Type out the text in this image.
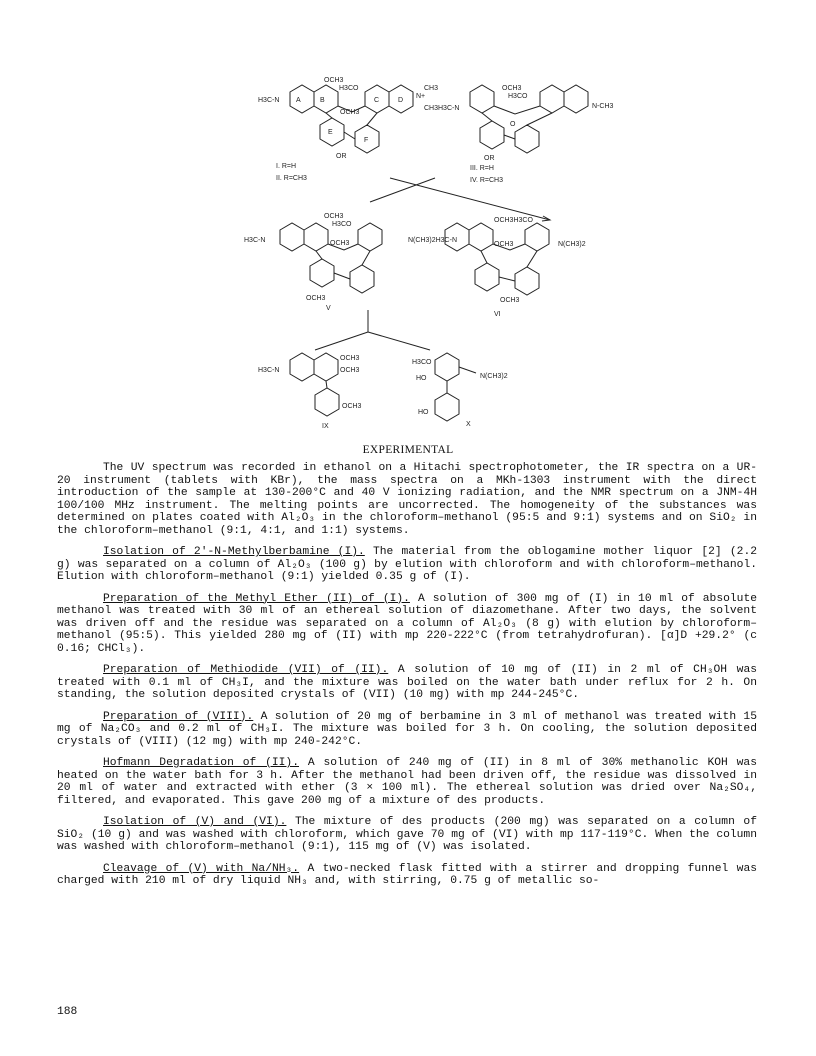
H3C-N A	B	C	D
E
F
OCH3
H3CO
OCH3
N+
CH3
CH3
OR
H3C-N
OCH3
H3CO
N-CH3
OR
O
I. R=H
II. R=CH3
III. R=H
IV. R=CH3
OCH3
H3CO
H3C-N	OCH3	N(CH3)2H3C-N
OCH3
V
OCH3H3CO
OCH3	N(CH3)2
OCH3
VI
H3C-N
OCH3
OCH3
OCH3
IX
H3CO
HO	N(CH3)2
HO
X
EXPERIMENTAL

The UV spectrum was recorded in ethanol on a Hitachi spectrophotometer, the IR spectra on a UR-20 instrument (tablets with KBr), the mass spectra on a MKh-1303 instrument with the direct introduction of the sample at 130-200°C and 40 V ionizing radiation, and the NMR spectrum on a JNM-4H 100/100 MHz instrument. The melting points are uncorrected. The homogeneity of the substances was determined on plates coated with Al₂O₃ in the chloroform–methanol (95:5 and 9:1) systems and on SiO₂ in the chloroform–methanol (9:1, 4:1, and 1:1) systems.

Isolation of 2'-N-Methylberbamine (I). The material from the oblogamine mother liquor [2] (2.2 g) was separated on a column of Al₂O₃ (100 g) by elution with chloroform and with chloroform–methanol. Elution with chloroform–methanol (9:1) yielded 0.35 g of (I).

Preparation of the Methyl Ether (II) of (I). A solution of 300 mg of (I) in 10 ml of absolute methanol was treated with 30 ml of an ethereal solution of diazomethane. After two days, the solvent was driven off and the residue was separated on a column of Al₂O₃ (8 g) with elution by chloroform–methanol (95:5). This yielded 280 mg of (II) with mp 220-222°C (from tetrahydrofuran). [α]D +29.2° (c 0.16; CHCl₃).

Preparation of Methiodide (VII) of (II). A solution of 10 mg of (II) in 2 ml of CH₃OH was treated with 0.1 ml of CH₃I, and the mixture was boiled on the water bath under reflux for 2 h. On standing, the solution deposited crystals of (VII) (10 mg) with mp 244-245°C.

Preparation of (VIII). A solution of 20 mg of berbamine in 3 ml of methanol was treated with 15 mg of Na₂CO₃ and 0.2 ml of CH₃I. The mixture was boiled for 3 h. On cooling, the solution deposited crystals of (VIII) (12 mg) with mp 240-242°C.

Hofmann Degradation of (II). A solution of 240 mg of (II) in 8 ml of 30% methanolic KOH was heated on the water bath for 3 h. After the methanol had been driven off, the residue was dissolved in 20 ml of water and extracted with ether (3 × 100 ml). The ethereal solution was dried over Na₂SO₄, filtered, and evaporated. This gave 200 mg of a mixture of des products.

Isolation of (V) and (VI). The mixture of des products (200 mg) was separated on a column of SiO₂ (10 g) and was washed with chloroform, which gave 70 mg of (VI) with mp 117-119°C. When the column was washed with chloroform–methanol (9:1), 115 mg of (V) was isolated.

Cleavage of (V) with Na/NH₃. A two-necked flask fitted with a stirrer and dropping funnel was charged with 210 ml of dry liquid NH₃ and, with stirring, 0.75 g of metallic so-

188
